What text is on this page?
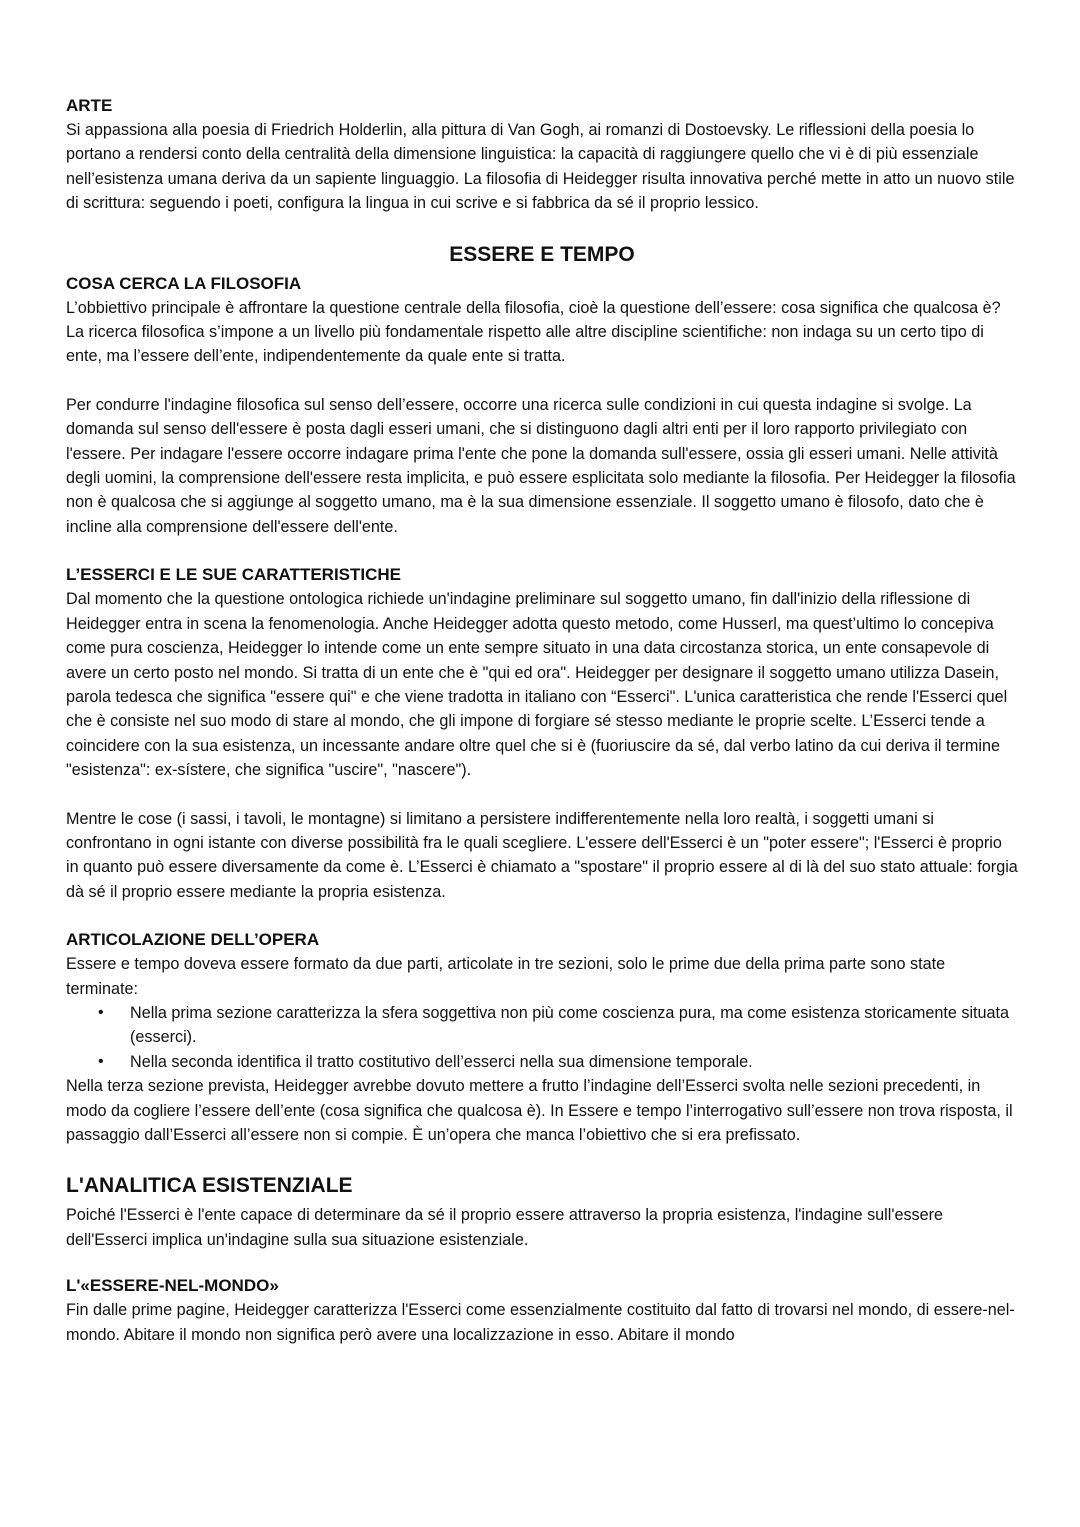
ARTE

Si appassiona alla poesia di Friedrich Holderlin, alla pittura di Van Gogh, ai romanzi di Dostoevsky. Le riflessioni della poesia lo portano a rendersi conto della centralità della dimensione linguistica: la capacità di raggiungere quello che vi è di più essenziale nell’esistenza umana deriva da un sapiente linguaggio. La filosofia di Heidegger risulta innovativa perché mette in atto un nuovo stile di scrittura: seguendo i poeti, configura la lingua in cui scrive e si fabbrica da sé il proprio lessico.

ESSERE E TEMPO
COSA CERCA LA FILOSOFIA

L’obbiettivo principale è affrontare la questione centrale della filosofia, cioè la questione dell’essere: cosa significa che qualcosa è? La ricerca filosofica s’impone a un livello più fondamentale rispetto alle altre discipline scientifiche: non indaga su un certo tipo di ente, ma l’essere dell’ente, indipendentemente da quale ente si tratta.

Per condurre l'indagine filosofica sul senso dell’essere, occorre una ricerca sulle condizioni in cui questa indagine si svolge. La domanda sul senso dell'essere è posta dagli esseri umani, che si distinguono dagli altri enti per il loro rapporto privilegiato con l'essere. Per indagare l'essere occorre indagare prima l'ente che pone la domanda sull'essere, ossia gli esseri umani. Nelle attività degli uomini, la comprensione dell'essere resta implicita, e può essere esplicitata solo mediante la filosofia. Per Heidegger la filosofia non è qualcosa che si aggiunge al soggetto umano, ma è la sua dimensione essenziale. Il soggetto umano è filosofo, dato che è incline alla comprensione dell'essere dell'ente.

L’ESSERCI E LE SUE CARATTERISTICHE

Dal momento che la questione ontologica richiede un'indagine preliminare sul soggetto umano, fin dall'inizio della riflessione di Heidegger entra in scena la fenomenologia. Anche Heidegger adotta questo metodo, come Husserl, ma quest’ultimo lo concepiva come pura coscienza, Heidegger lo intende come un ente sempre situato in una data circostanza storica, un ente consapevole di avere un certo posto nel mondo. Si tratta di un ente che è "qui ed ora". Heidegger per designare il soggetto umano utilizza Dasein, parola tedesca che significa "essere qui" e che viene tradotta in italiano con “Esserci". L'unica caratteristica che rende l'Esserci quel che è consiste nel suo modo di stare al mondo, che gli impone di forgiare sé stesso mediante le proprie scelte. L’Esserci tende a coincidere con la sua esistenza, un incessante andare oltre quel che si è (fuoriuscire da sé, dal verbo latino da cui deriva il termine "esistenza": ex-sístere, che significa "uscire", "nascere").

Mentre le cose (i sassi, i tavoli, le montagne) si limitano a persistere indifferentemente nella loro realtà, i soggetti umani si confrontano in ogni istante con diverse possibilità fra le quali scegliere. L'essere dell'Esserci è un "poter essere"; l'Esserci è proprio in quanto può essere diversamente da come è. L’Esserci è chiamato a "spostare" il proprio essere al di là del suo stato attuale: forgia dà sé il proprio essere mediante la propria esistenza.

ARTICOLAZIONE DELL’OPERA

Essere e tempo doveva essere formato da due parti, articolate in tre sezioni, solo le prime due della prima parte sono state terminate:

• Nella prima sezione caratterizza la sfera soggettiva non più come coscienza pura, ma come esistenza storicamente situata (esserci).
• Nella seconda identifica il tratto costitutivo dell’esserci nella sua dimensione temporale.

Nella terza sezione prevista, Heidegger avrebbe dovuto mettere a frutto l’indagine dell’Esserci svolta nelle sezioni precedenti, in modo da cogliere l’essere dell’ente (cosa significa che qualcosa è). In Essere e tempo l’interrogativo sull’essere non trova risposta, il passaggio dall’Esserci all’essere non si compie. È un’opera che manca l’obiettivo che si era prefissato.

L'ANALITICA ESISTENZIALE

Poiché l'Esserci è l'ente capace di determinare da sé il proprio essere attraverso la propria esistenza, l'indagine sull'essere dell'Esserci implica un'indagine sulla sua situazione esistenziale.

L'«ESSERE-NEL-MONDO»

Fin dalle prime pagine, Heidegger caratterizza l'Esserci come essenzialmente costituito dal fatto di trovarsi nel mondo, di essere-nel-mondo. Abitare il mondo non significa però avere una localizzazione in esso. Abitare il mondo
